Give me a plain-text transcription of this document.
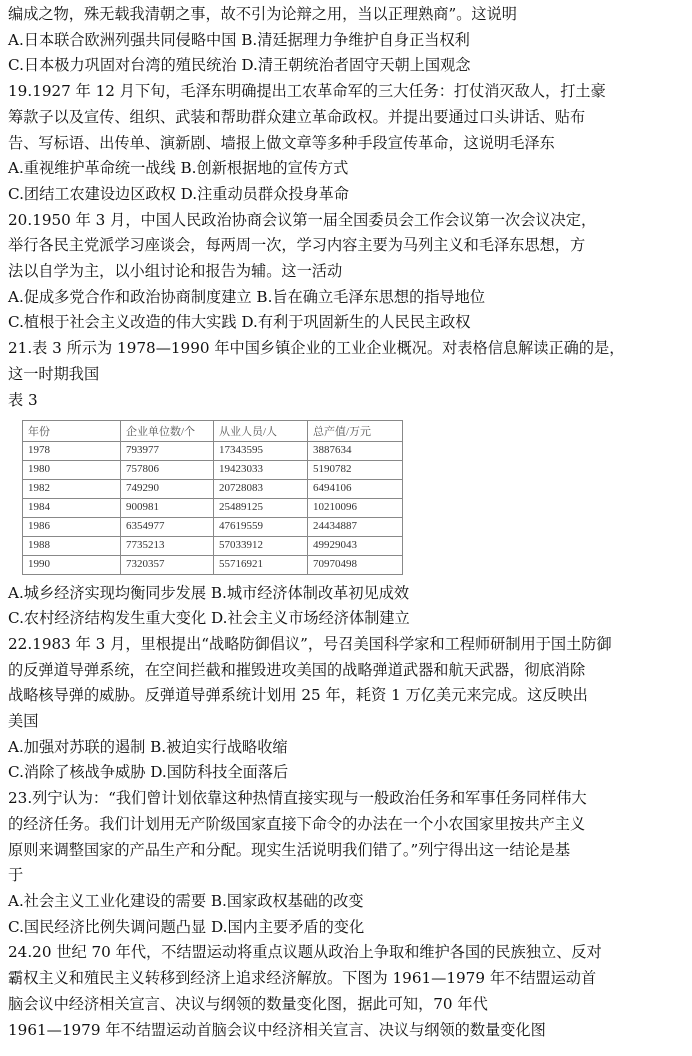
编成之物，殊无载我清朝之事，故不引为论辩之用，当以正理熟商”。这说明
A.日本联合欧洲列强共同侵略中国 B.清廷据理力争维护自身正当权利
C.日本极力巩固对台湾的殖民统治 D.清王朝统治者固守天朝上国观念
19.1927 年 12 月下旬，毛泽东明确提出工农革命军的三大任务：打仗消灭敌人，打土豪
筹款子以及宣传、组织、武装和帮助群众建立革命政权。并提出要通过口头讲话、贴布
告、写标语、出传单、演新剧、墙报上做文章等多种手段宣传革命，这说明毛泽东
A.重视维护革命统一战线 B.创新根据地的宣传方式
C.团结工农建设边区政权 D.注重动员群众投身革命
20.1950 年 3 月，中国人民政治协商会议第一届全国委员会工作会议第一次会议决定，
举行各民主党派学习座谈会，每两周一次，学习内容主要为马列主义和毛泽东思想，方
法以自学为主，以小组讨论和报告为辅。这一活动
A.促成多党合作和政治协商制度建立 B.旨在确立毛泽东思想的指导地位
C.植根于社会主义改造的伟大实践 D.有利于巩固新生的人民民主政权
21.表 3 所示为 1978—1990 年中国乡镇企业的工业企业概况。对表格信息解读正确的是，
这一时期我国
表 3
年份	企业单位数/个	从业人员/人	总产值/万元
1978	793977	17343595	3887634
1980	757806	19423033	5190782
1982	749290	20728083	6494106
1984	900981	25489125	10210096
1986	6354977	47619559	24434887
1988	7735213	57033912	49929043
1990	7320357	55716921	70970498
A.城乡经济实现均衡同步发展 B.城市经济体制改革初见成效
C.农村经济结构发生重大变化 D.社会主义市场经济体制建立
22.1983 年 3 月，里根提出“战略防御倡议”，号召美国科学家和工程师研制用于国土防御
的反弹道导弹系统，在空间拦截和摧毁进攻美国的战略弹道武器和航天武器，彻底消除
战略核导弹的威胁。反弹道导弹系统计划用 25 年，耗资 1 万亿美元来完成。这反映出
美国
A.加强对苏联的遏制 B.被迫实行战略收缩
C.消除了核战争威胁 D.国防科技全面落后
23.列宁认为：“我们曾计划依靠这种热情直接实现与一般政治任务和军事任务同样伟大
的经济任务。我们计划用无产阶级国家直接下命令的办法在一个小农国家里按共产主义
原则来调整国家的产品生产和分配。现实生活说明我们错了。”列宁得出这一结论是基
于
A.社会主义工业化建设的需要 B.国家政权基础的改变
C.国民经济比例失调问题凸显 D.国内主要矛盾的变化
24.20 世纪 70 年代，不结盟运动将重点议题从政治上争取和维护各国的民族独立、反对
霸权主义和殖民主义转移到经济上追求经济解放。下图为 1961—1979 年不结盟运动首
脑会议中经济相关宣言、决议与纲领的数量变化图，据此可知，70 年代
1961—1979 年不结盟运动首脑会议中经济相关宣言、决议与纲领的数量变化图
